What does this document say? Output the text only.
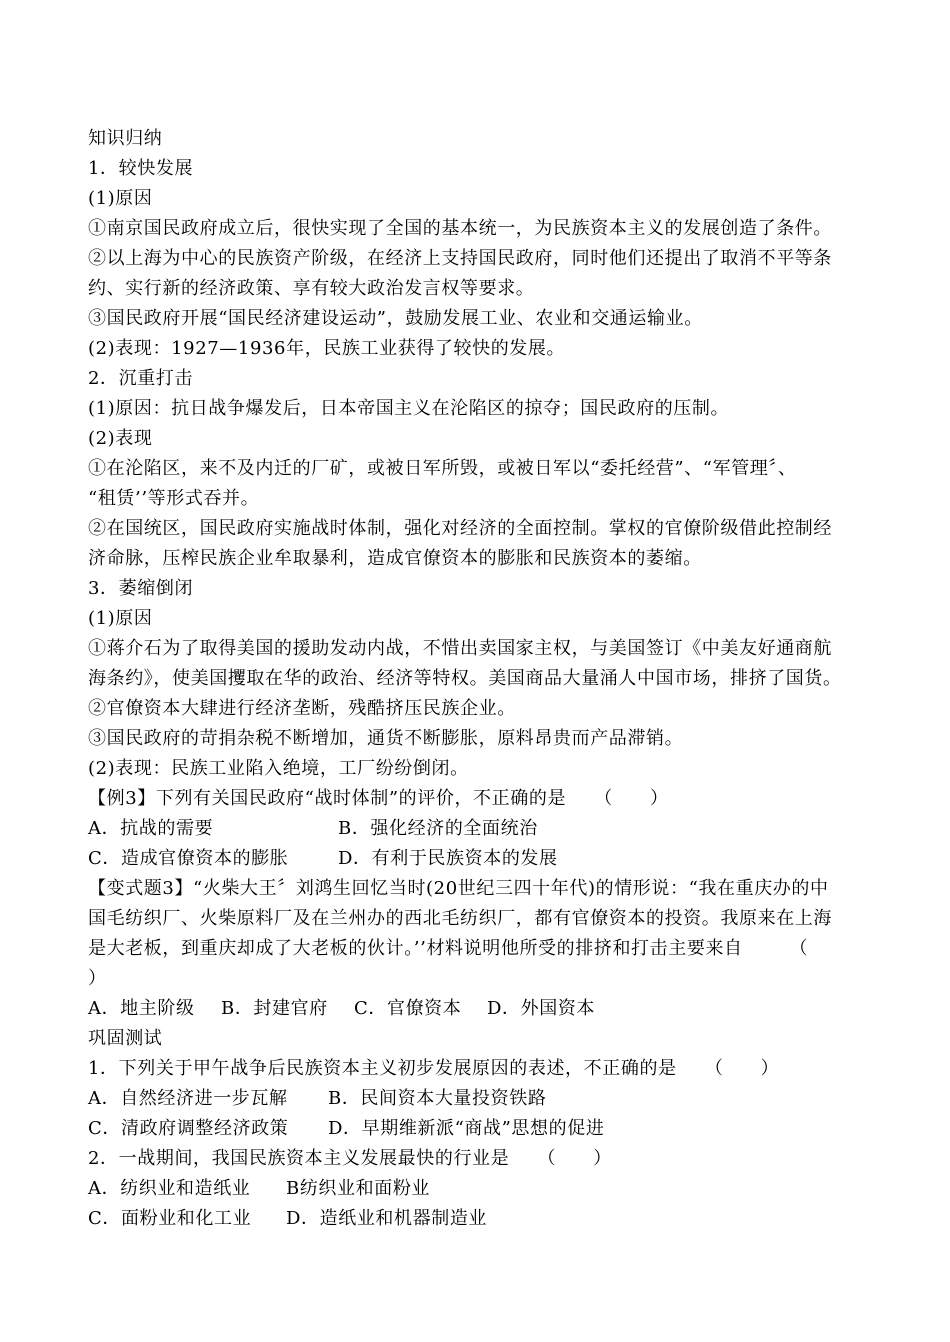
知识归纳
1．较快发展
(1)原因
①南京国民政府成立后，很快实现了全国的基本统一，为民族资本主义的发展创造了条件。
②以上海为中心的民族资产阶级，在经济上支持国民政府，同时他们还提出了取消不平等条
约、实行新的经济政策、享有较大政治发言权等要求。
③国民政府开展“国民经济建设运动”，鼓励发展工业、农业和交通运输业。
(2)表现：1927—1936年，民族工业获得了较快的发展。
2．沉重打击
(1)原因：抗日战争爆发后，日本帝国主义在沦陷区的掠夺；国民政府的压制。
(2)表现
①在沦陷区，来不及内迁的厂矿，或被日军所毁，或被日军以“委托经营”、“军管理〞、
“租赁’’等形式吞并。
②在国统区，国民政府实施战时体制，强化对经济的全面控制。掌权的官僚阶级借此控制经
济命脉，压榨民族企业牟取暴利，造成官僚资本的膨胀和民族资本的萎缩。
3．萎缩倒闭
(1)原因
①蒋介石为了取得美国的援助发动内战，不惜出卖国家主权，与美国签订《中美友好通商航
海条约》，使美国攫取在华的政治、经济等特权。美国商品大量涌人中国市场，排挤了国货。
②官僚资本大肆进行经济垄断，残酷挤压民族企业。
③国民政府的苛捐杂税不断增加，通货不断膨胀，原料昂贵而产品滞销。
(2)表现：民族工业陷入绝境，工厂纷纷倒闭。
【例3】下列有关国民政府“战时体制”的评价，不正确的是　　（　　）
A．抗战的需要	B．强化经济的全面统治
C．造成官僚资本的膨胀	D．有利于民族资本的发展
【变式题3】“火柴大王〞刘鸿生回忆当时(20世纪三四十年代)的情形说：“我在重庆办的中
国毛纺织厂、火柴原料厂及在兰州办的西北毛纺织厂，都有官僚资本的投资。我原来在上海
是大老板，到重庆却成了大老板的伙计。’’材料说明他所受的排挤和打击主要来自　　　（
）
A．地主阶级 B．封建官府 C．官僚资本 D．外国资本
巩固测试
1．下列关于甲午战争后民族资本主义初步发展原因的表述，不正确的是　　（　　）
A．自然经济进一步瓦解 B．民间资本大量投资铁路
C．清政府调整经济政策 D．早期维新派“商战”思想的促进
2．一战期间，我国民族资本主义发展最快的行业是　　（　　）
A．纺织业和造纸业 B纺织业和面粉业
C．面粉业和化工业 D．造纸业和机器制造业
